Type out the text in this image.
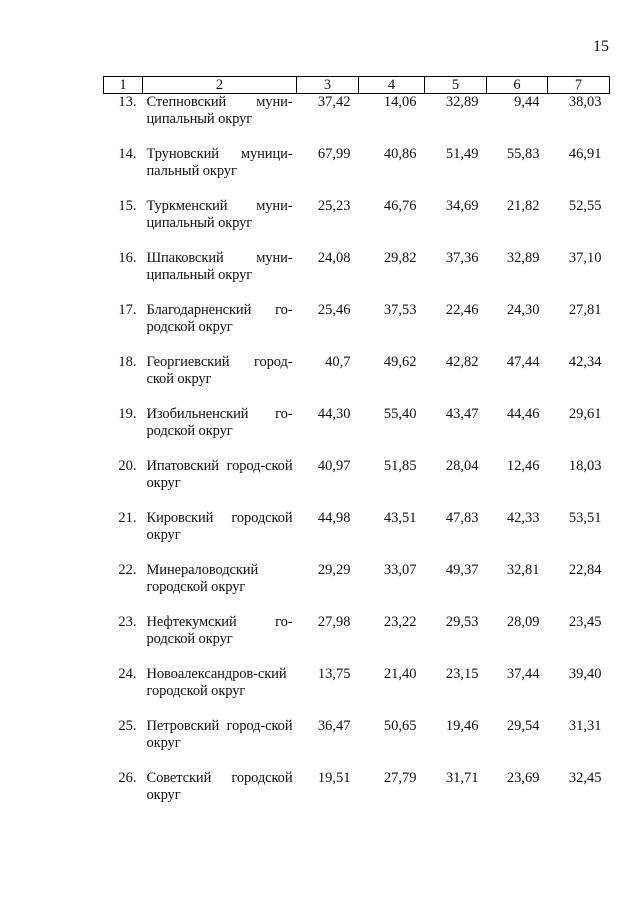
15
1	2	3	4	5	6	7
13.	Степновский муни-ципальный округ	37,42	14,06	32,89	9,44	38,03
14.	Труновский муници-пальный округ	67,99	40,86	51,49	55,83	46,91
15.	Туркменский муни-ципальный округ	25,23	46,76	34,69	21,82	52,55
16.	Шпаковский муни-ципальный округ	24,08	29,82	37,36	32,89	37,10
17.	Благодарненский го-родской округ	25,46	37,53	22,46	24,30	27,81
18.	Георгиевский город-ской округ	40,7	49,62	42,82	47,44	42,34
19.	Изобильненский го-родской округ	44,30	55,40	43,47	44,46	29,61
20.	Ипатовский город-ской округ	40,97	51,85	28,04	12,46	18,03
21.	Кировский городской округ	44,98	43,51	47,83	42,33	53,51
22.	Минераловодский городской округ	29,29	33,07	49,37	32,81	22,84
23.	Нефтекумский го-родской округ	27,98	23,22	29,53	28,09	23,45
24.	Новоалександров-ский городской округ	13,75	21,40	23,15	37,44	39,40
25.	Петровский город-ской округ	36,47	50,65	19,46	29,54	31,31
26.	Советский городской округ	19,51	27,79	31,71	23,69	32,45
